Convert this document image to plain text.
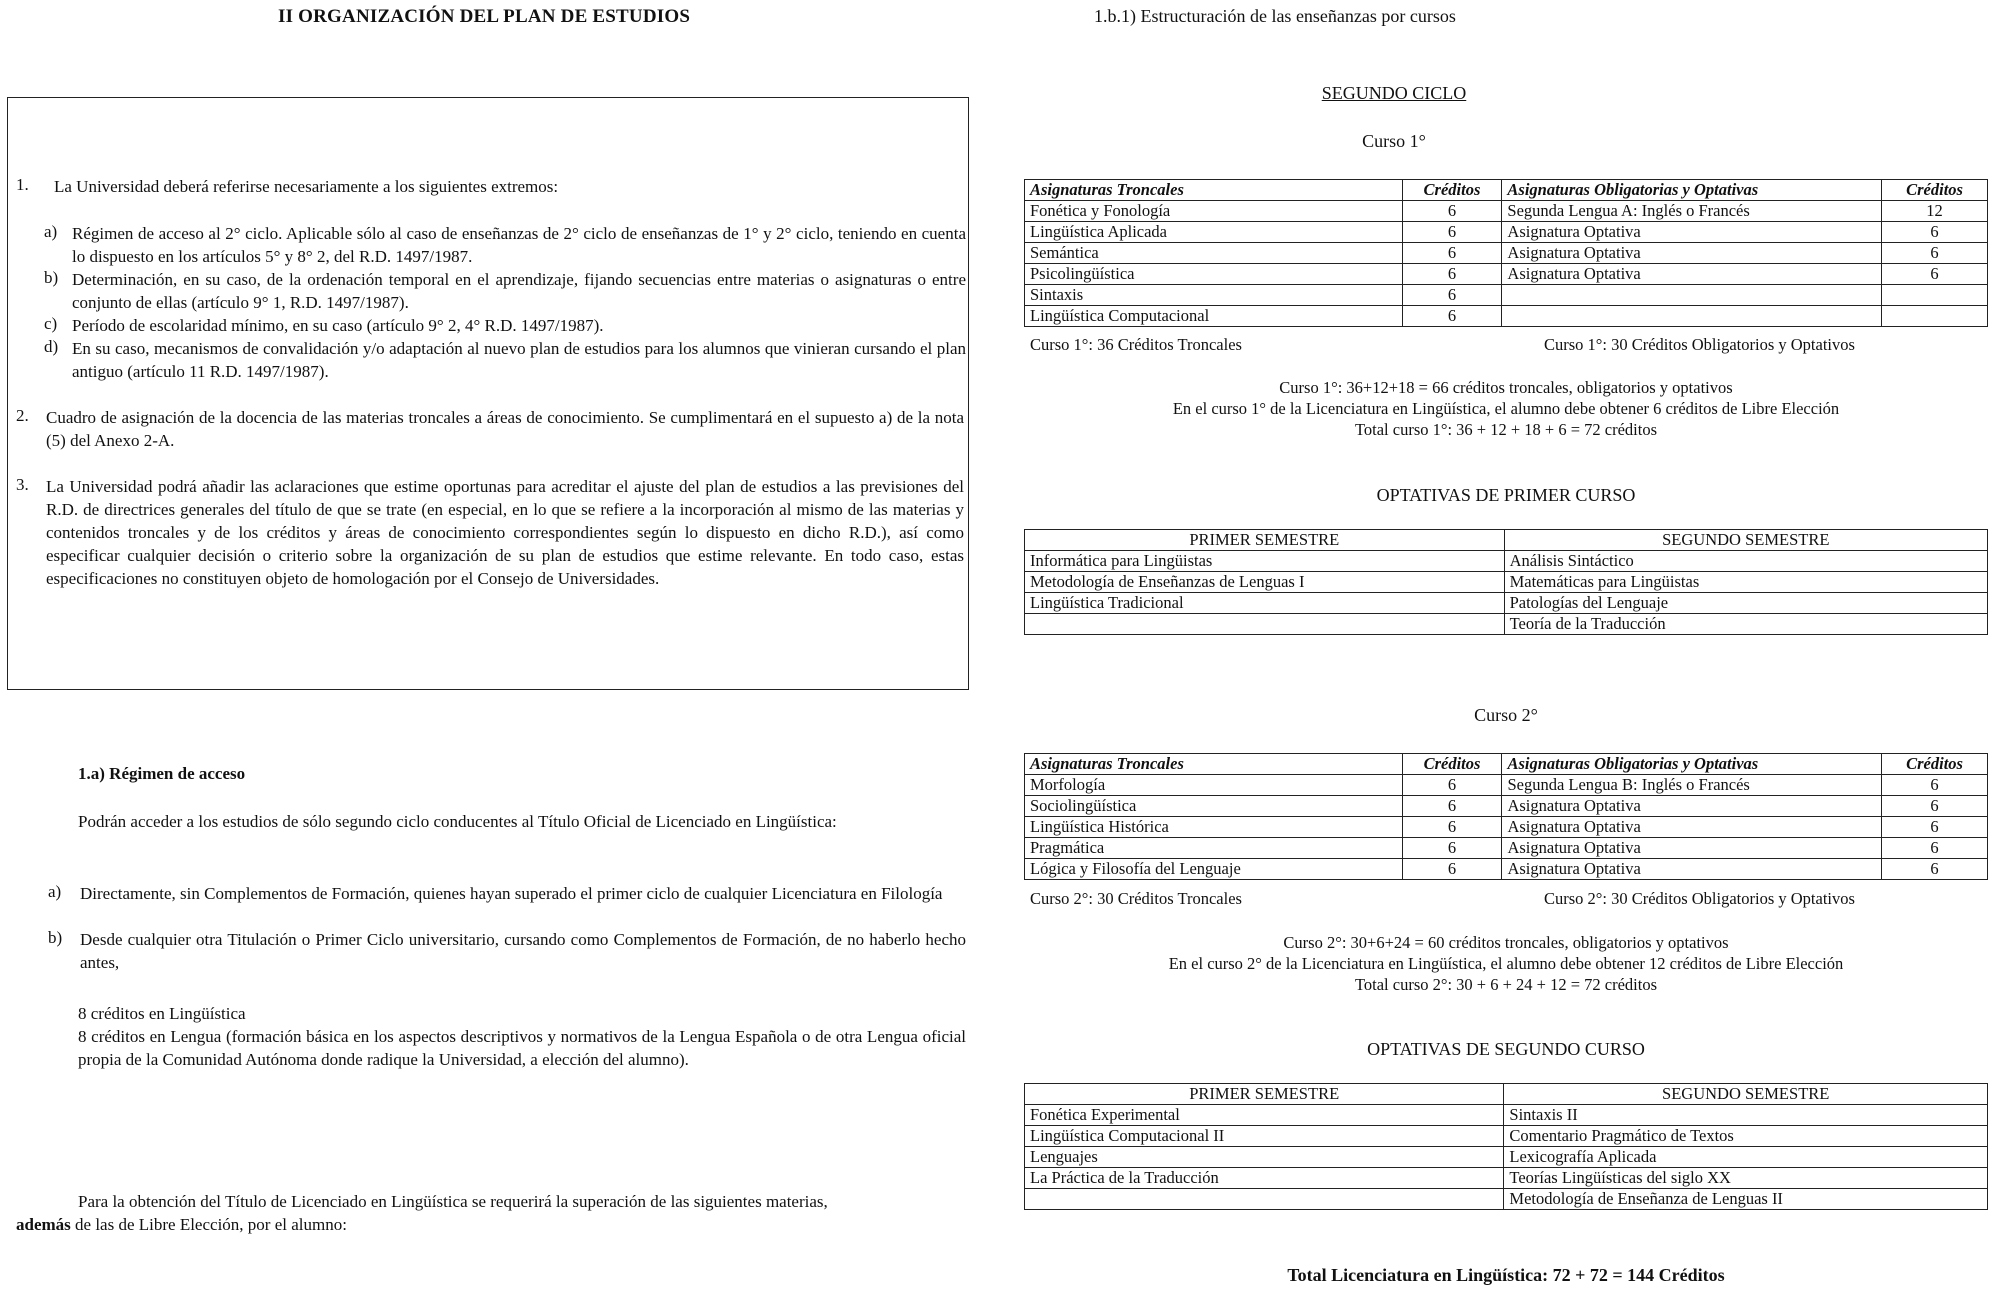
II ORGANIZACIÓN DEL PLAN DE ESTUDIOS
1. La Universidad deberá referirse necesariamente a los siguientes extremos:
a) Régimen de acceso al 2° ciclo. Aplicable sólo al caso de enseñanzas de 2° ciclo de enseñanzas de 1° y 2° ciclo, teniendo en cuenta lo dispuesto en los artículos 5° y 8° 2, del R.D. 1497/1987.
b) Determinación, en su caso, de la ordenación temporal en el aprendizaje, fijando secuencias entre materias o asignaturas o entre conjunto de ellas (artículo 9° 1, R.D. 1497/1987).
c) Período de escolaridad mínimo, en su caso (artículo 9° 2, 4° R.D. 1497/1987).
d) En su caso, mecanismos de convalidación y/o adaptación al nuevo plan de estudios para los alumnos que vinieran cursando el plan antiguo (artículo 11 R.D. 1497/1987).
2. Cuadro de asignación de la docencia de las materias troncales a áreas de conocimiento. Se cumplimentará en el supuesto a) de la nota (5) del Anexo 2-A.
3. La Universidad podrá añadir las aclaraciones que estime oportunas para acreditar el ajuste del plan de estudios a las previsiones del R.D. de directrices generales del título de que se trate (en especial, en lo que se refiere a la incorporación al mismo de las materias y contenidos troncales y de los créditos y áreas de conocimiento correspondientes según lo dispuesto en dicho R.D.), así como especificar cualquier decisión o criterio sobre la organización de su plan de estudios que estime relevante. En todo caso, estas especificaciones no constituyen objeto de homologación por el Consejo de Universidades.
1.a) Régimen de acceso
Podrán acceder a los estudios de sólo segundo ciclo conducentes al Título Oficial de Licenciado en Lingüística:
a) Directamente, sin Complementos de Formación, quienes hayan superado el primer ciclo de cualquier Licenciatura en Filología
b) Desde cualquier otra Titulación o Primer Ciclo universitario, cursando como Complementos de Formación, de no haberlo hecho antes,
8 créditos en Lingüística
8 créditos en Lengua (formación básica en los aspectos descriptivos y normativos de la Lengua Española o de otra Lengua oficial propia de la Comunidad Autónoma donde radique la Universidad, a elección del alumno).
Para la obtención del Título de Licenciado en Lingüística se requerirá la superación de las siguientes materias,
además de las de Libre Elección, por el alumno:
1.b.1) Estructuración de las enseñanzas por cursos
SEGUNDO CICLO
Curso 1°
Asignaturas Troncales	Créditos	Asignaturas Obligatorias y Optativas	Créditos
Fonética y Fonología	6	Segunda Lengua A: Inglés o Francés	12
Lingüística Aplicada	6	Asignatura Optativa	6
Semántica	6	Asignatura Optativa	6
Psicolingüística	6	Asignatura Optativa	6
Sintaxis	6		
Lingüística Computacional	6		
Curso 1°: 36 Créditos Troncales	Curso 1°: 30 Créditos Obligatorios y Optativos
Curso 1°: 36+12+18 = 66 créditos troncales, obligatorios y optativos
En el curso 1° de la Licenciatura en Lingüística, el alumno debe obtener 6 créditos de Libre Elección
Total curso 1°: 36 + 12 + 18 + 6 = 72 créditos
OPTATIVAS DE PRIMER CURSO
PRIMER SEMESTRE	SEGUNDO SEMESTRE
Informática para Lingüistas	Análisis Sintáctico
Metodología de Enseñanzas de Lenguas I	Matemáticas para Lingüistas
Lingüística Tradicional	Patologías del Lenguaje
	Teoría de la Traducción
Curso 2°
Asignaturas Troncales	Créditos	Asignaturas Obligatorias y Optativas	Créditos
Morfología	6	Segunda Lengua B: Inglés o Francés	6
Sociolingüística	6	Asignatura Optativa	6
Lingüística Histórica	6	Asignatura Optativa	6
Pragmática	6	Asignatura Optativa	6
Lógica y Filosofía del Lenguaje	6	Asignatura Optativa	6
Curso 2°: 30 Créditos Troncales	Curso 2°: 30 Créditos Obligatorios y Optativos
Curso 2°: 30+6+24 = 60 créditos troncales, obligatorios y optativos
En el curso 2° de la Licenciatura en Lingüística, el alumno debe obtener 12 créditos de Libre Elección
Total curso 2°: 30 + 6 + 24 + 12 = 72 créditos
OPTATIVAS DE SEGUNDO CURSO
PRIMER SEMESTRE	SEGUNDO SEMESTRE
Fonética Experimental	Sintaxis II
Lingüística Computacional II	Comentario Pragmático de Textos
Lenguajes	Lexicografía Aplicada
La Práctica de la Traducción	Teorías Lingüísticas del siglo XX
	Metodología de Enseñanza de Lenguas II
Total Licenciatura en Lingüística: 72 + 72 = 144 Créditos
